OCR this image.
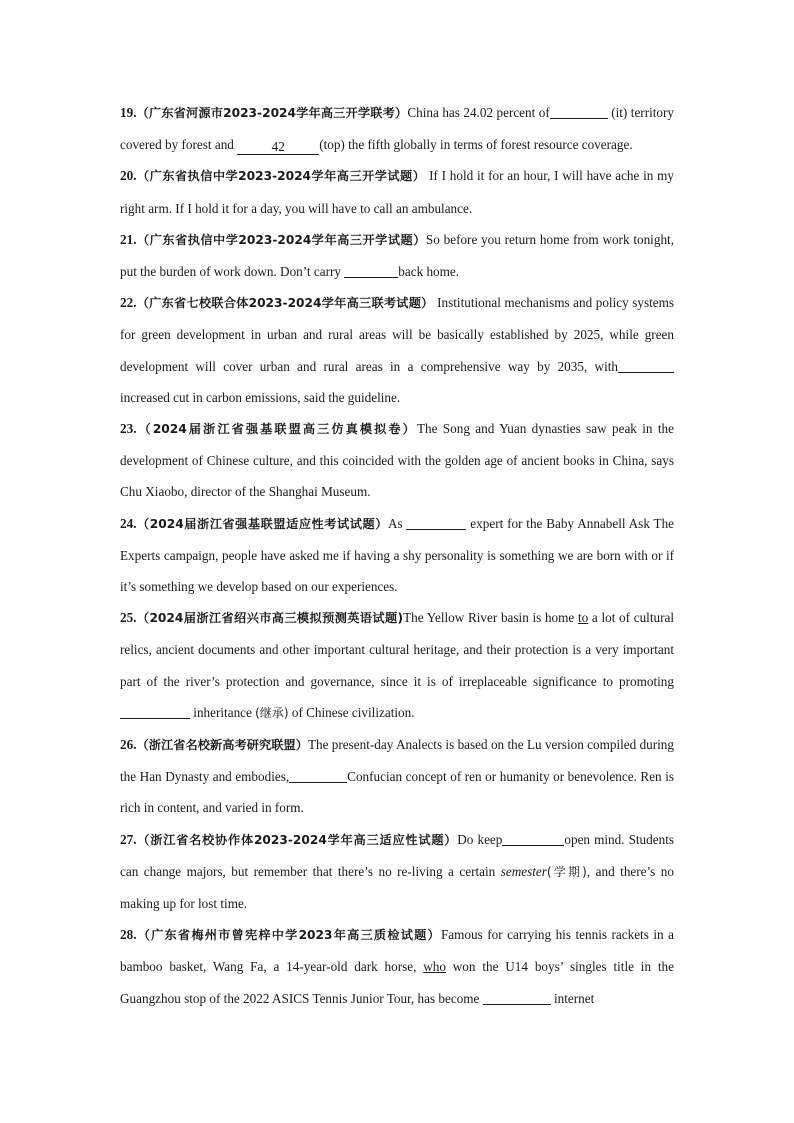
19.（广东省河源市2023-2024学年高三开学联考）China has 24.02 percent of	(it) territory covered by forest and	42	(top) the fifth globally in terms of forest resource coverage.
20.（广东省执信中学2023-2024学年高三开学试题） If I hold it for an hour, I will have ache in my right arm. If I hold it for a day, you will have to call an ambulance.
21.（广东省执信中学2023-2024学年高三开学试题）So before you return home from work tonight, put the burden of work down. Don’t carry	back home.
22.（广东省七校联合体2023-2024学年高三联考试题） Institutional mechanisms and policy systems for green development in urban and rural areas will be basically established by 2025, while green development will cover urban and rural areas in a comprehensive way by 2035, with increased cut in carbon emissions, said the guideline.
23.（2024届浙江省强基联盟高三仿真模拟卷）The Song and Yuan dynasties saw peak in the development of Chinese culture, and this coincided with the golden age of ancient books in China, says Chu Xiaobo, director of the Shanghai Museum.
24.（2024届浙江省强基联盟适应性考试试题）As	expert for the Baby Annabell Ask The Experts campaign, people have asked me if having a shy personality is something we are born with or if it’s something we develop based on our experiences.
25.（2024届浙江省绍兴市高三模拟预测英语试题)The Yellow River basin is home to a lot of cultural relics, ancient documents and other important cultural heritage, and their protection is a very important part of the river’s protection and governance, since it is of irreplaceable significance to promoting  inheritance (继承) of Chinese civilization.
26.（浙江省名校新高考研究联盟）The present-day Analects is based on the Lu version compiled during the Han Dynasty and embodies,	Confucian concept of ren or humanity or benevolence. Ren is rich in content, and varied in form.
27.（浙江省名校协作体2023-2024学年高三适应性试题）Do keep	open mind. Students can change majors, but remember that there’s no re-living a certain semester(学期), and there’s no making up for lost time.
28.（广东省梅州市曾宪梓中学2023年高三质检试题）Famous for carrying his tennis rackets in a bamboo basket, Wang Fa, a 14-year-old dark horse, who won the U14 boys’ singles title in the Guangzhou stop of the 2022 ASICS Tennis Junior Tour, has become	internet
